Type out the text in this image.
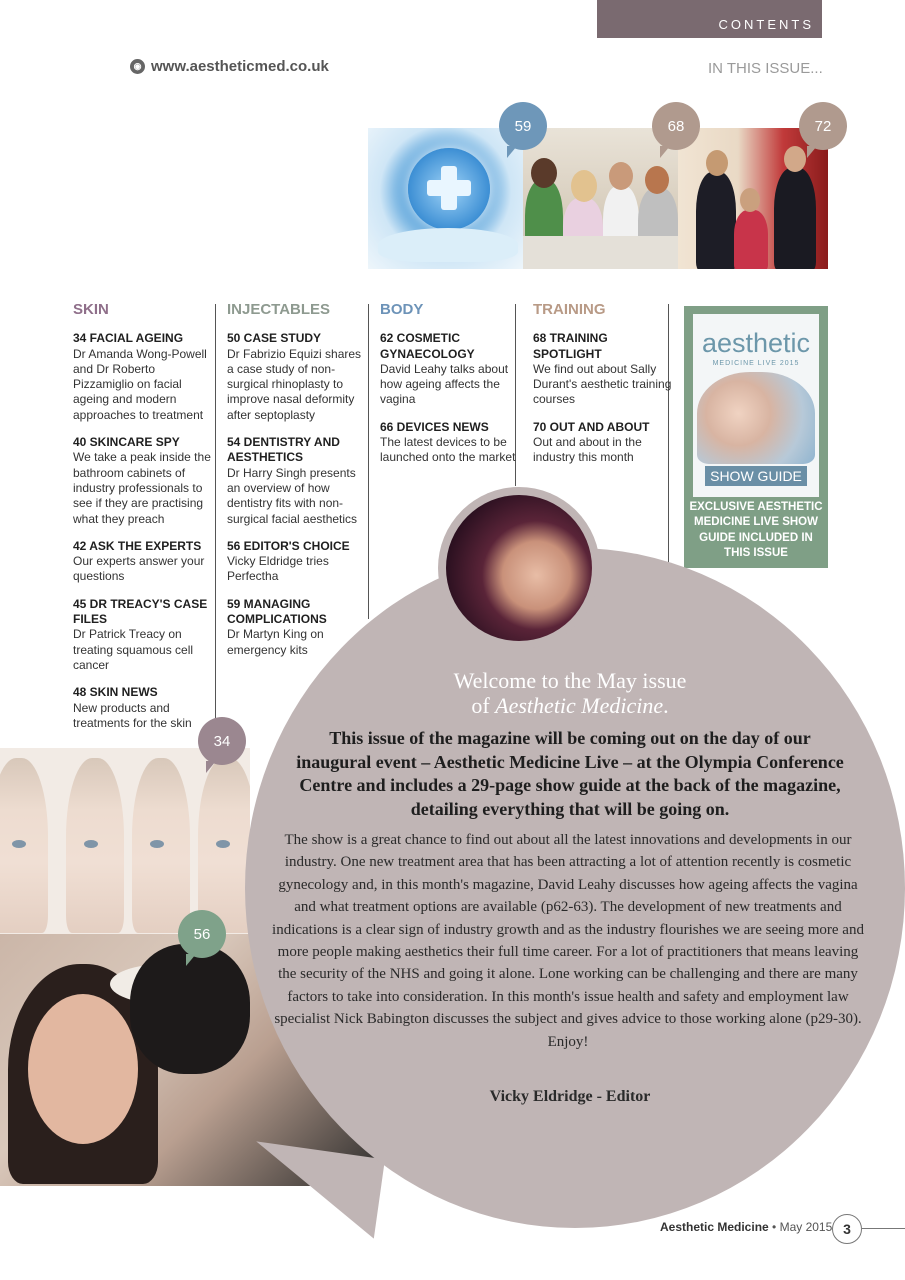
CONTENTS
◉ www.aestheticmed.co.uk	IN THIS ISSUE...
59	68	72
SKIN
34 FACIAL AGEING
Dr Amanda Wong-Powell and Dr Roberto Pizzamiglio on facial ageing and modern approaches to treatment
40 SKINCARE SPY
We take a peak inside the bathroom cabinets of industry professionals to see if they are practising what they preach
42 ASK THE EXPERTS
Our experts answer your questions
45 DR TREACY'S CASE FILES
Dr Patrick Treacy on treating squamous cell cancer
48 SKIN NEWS
New products and treatments for the skin
INJECTABLES
50 CASE STUDY
Dr Fabrizio Equizi shares a case study of non-surgical rhinoplasty to improve nasal deformity after septoplasty
54 DENTISTRY AND AESTHETICS
Dr Harry Singh presents an overview of how dentistry fits with non-surgical facial aesthetics
56 EDITOR'S CHOICE
Vicky Eldridge tries Perfectha
59 MANAGING COMPLICATIONS
Dr Martyn King on emergency kits
BODY
62 COSMETIC GYNAECOLOGY
David Leahy talks about how ageing affects the vagina
66 DEVICES NEWS
The latest devices to be launched onto the market
TRAINING
68 TRAINING SPOTLIGHT
We find out about Sally Durant's aesthetic training courses
70 OUT AND ABOUT
Out and about in the industry this month
aesthetic
MEDICINE LIVE 2015
SHOW GUIDE
EXCLUSIVE AESTHETIC MEDICINE LIVE SHOW GUIDE INCLUDED IN THIS ISSUE
34
56
Welcome to the May issue
of Aesthetic Medicine.
This issue of the magazine will be coming out on the day of our inaugural event – Aesthetic Medicine Live – at the Olympia Conference Centre and includes a 29-page show guide at the back of the magazine, detailing everything that will be going on.
The show is a great chance to find out about all the latest innovations and developments in our industry. One new treatment area that has been attracting a lot of attention recently is cosmetic gynecology and, in this month's magazine, David Leahy discusses how ageing affects the vagina and what treatment options are available (p62-63). The development of new treatments and indications is a clear sign of industry growth and as the industry flourishes we are seeing more and more people making aesthetics their full time career. For a lot of practitioners that means leaving the security of the NHS and going it alone. Lone working can be challenging and there are many factors to take into consideration. In this month's issue health and safety and employment law specialist Nick Babington discusses the subject and gives advice to those working alone (p29-30). Enjoy!
Vicky Eldridge - Editor
Aesthetic Medicine • May 2015 3
